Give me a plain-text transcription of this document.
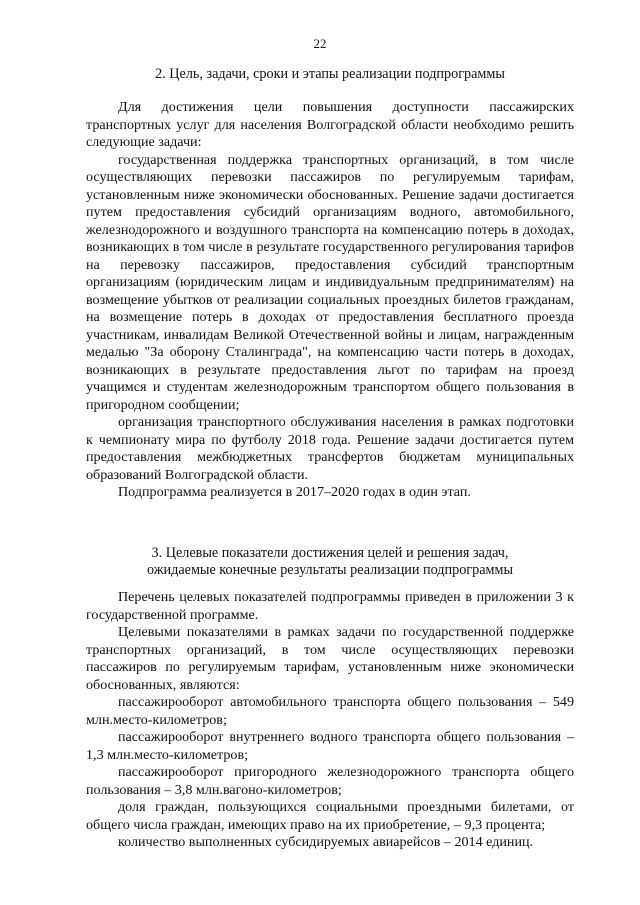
22
2. Цель, задачи, сроки и этапы реализации подпрограммы

Для достижения цели повышения доступности пассажирских транспортных услуг для населения Волгоградской области необходимо решить следующие задачи:

государственная поддержка транспортных организаций, в том числе осуществляющих перевозки пассажиров по регулируемым тарифам, установленным ниже экономически обоснованных. Решение задачи достигается путем предоставления субсидий организациям водного, автомобильного, железнодорожного и воздушного транспорта на компенсацию потерь в доходах, возникающих в том числе в результате государственного регулирования тарифов на перевозку пассажиров, предоставления субсидий транспортным организациям (юридическим лицам и индивидуальным предпринимателям) на возмещение убытков от реализации социальных проездных билетов гражданам, на возмещение потерь в доходах от предоставления бесплатного проезда участникам, инвалидам Великой Отечественной войны и лицам, награжденным медалью "За оборону Сталинграда", на компенсацию части потерь в доходах, возникающих в результате предоставления льгот по тарифам на проезд учащимся и студентам железнодорожным транспортом общего пользования в пригородном сообщении;

организация транспортного обслуживания населения в рамках подготовки к чемпионату мира по футболу 2018 года. Решение задачи достигается путем предоставления межбюджетных трансфертов бюджетам муниципальных образований Волгоградской области.

Подпрограмма реализуется в 2017–2020 годах в один этап.

3. Целевые показатели достижения целей и решения задач,
ожидаемые конечные результаты реализации подпрограммы

Перечень целевых показателей подпрограммы приведен в приложении 3 к государственной программе.

Целевыми показателями в рамках задачи по государственной поддержке транспортных организаций, в том числе осуществляющих перевозки пассажиров по регулируемым тарифам, установленным ниже экономически обоснованных, являются:

пассажирооборот автомобильного транспорта общего пользования – 549 млн.место-километров;

пассажирооборот внутреннего водного транспорта общего пользования – 1,3 млн.место-километров;

пассажирооборот пригородного железнодорожного транспорта общего пользования – 3,8 млн.вагоно-километров;

доля граждан, пользующихся социальными проездными билетами, от общего числа граждан, имеющих право на их приобретение, – 9,3 процента;

количество выполненных субсидируемых авиарейсов – 2014 единиц.
